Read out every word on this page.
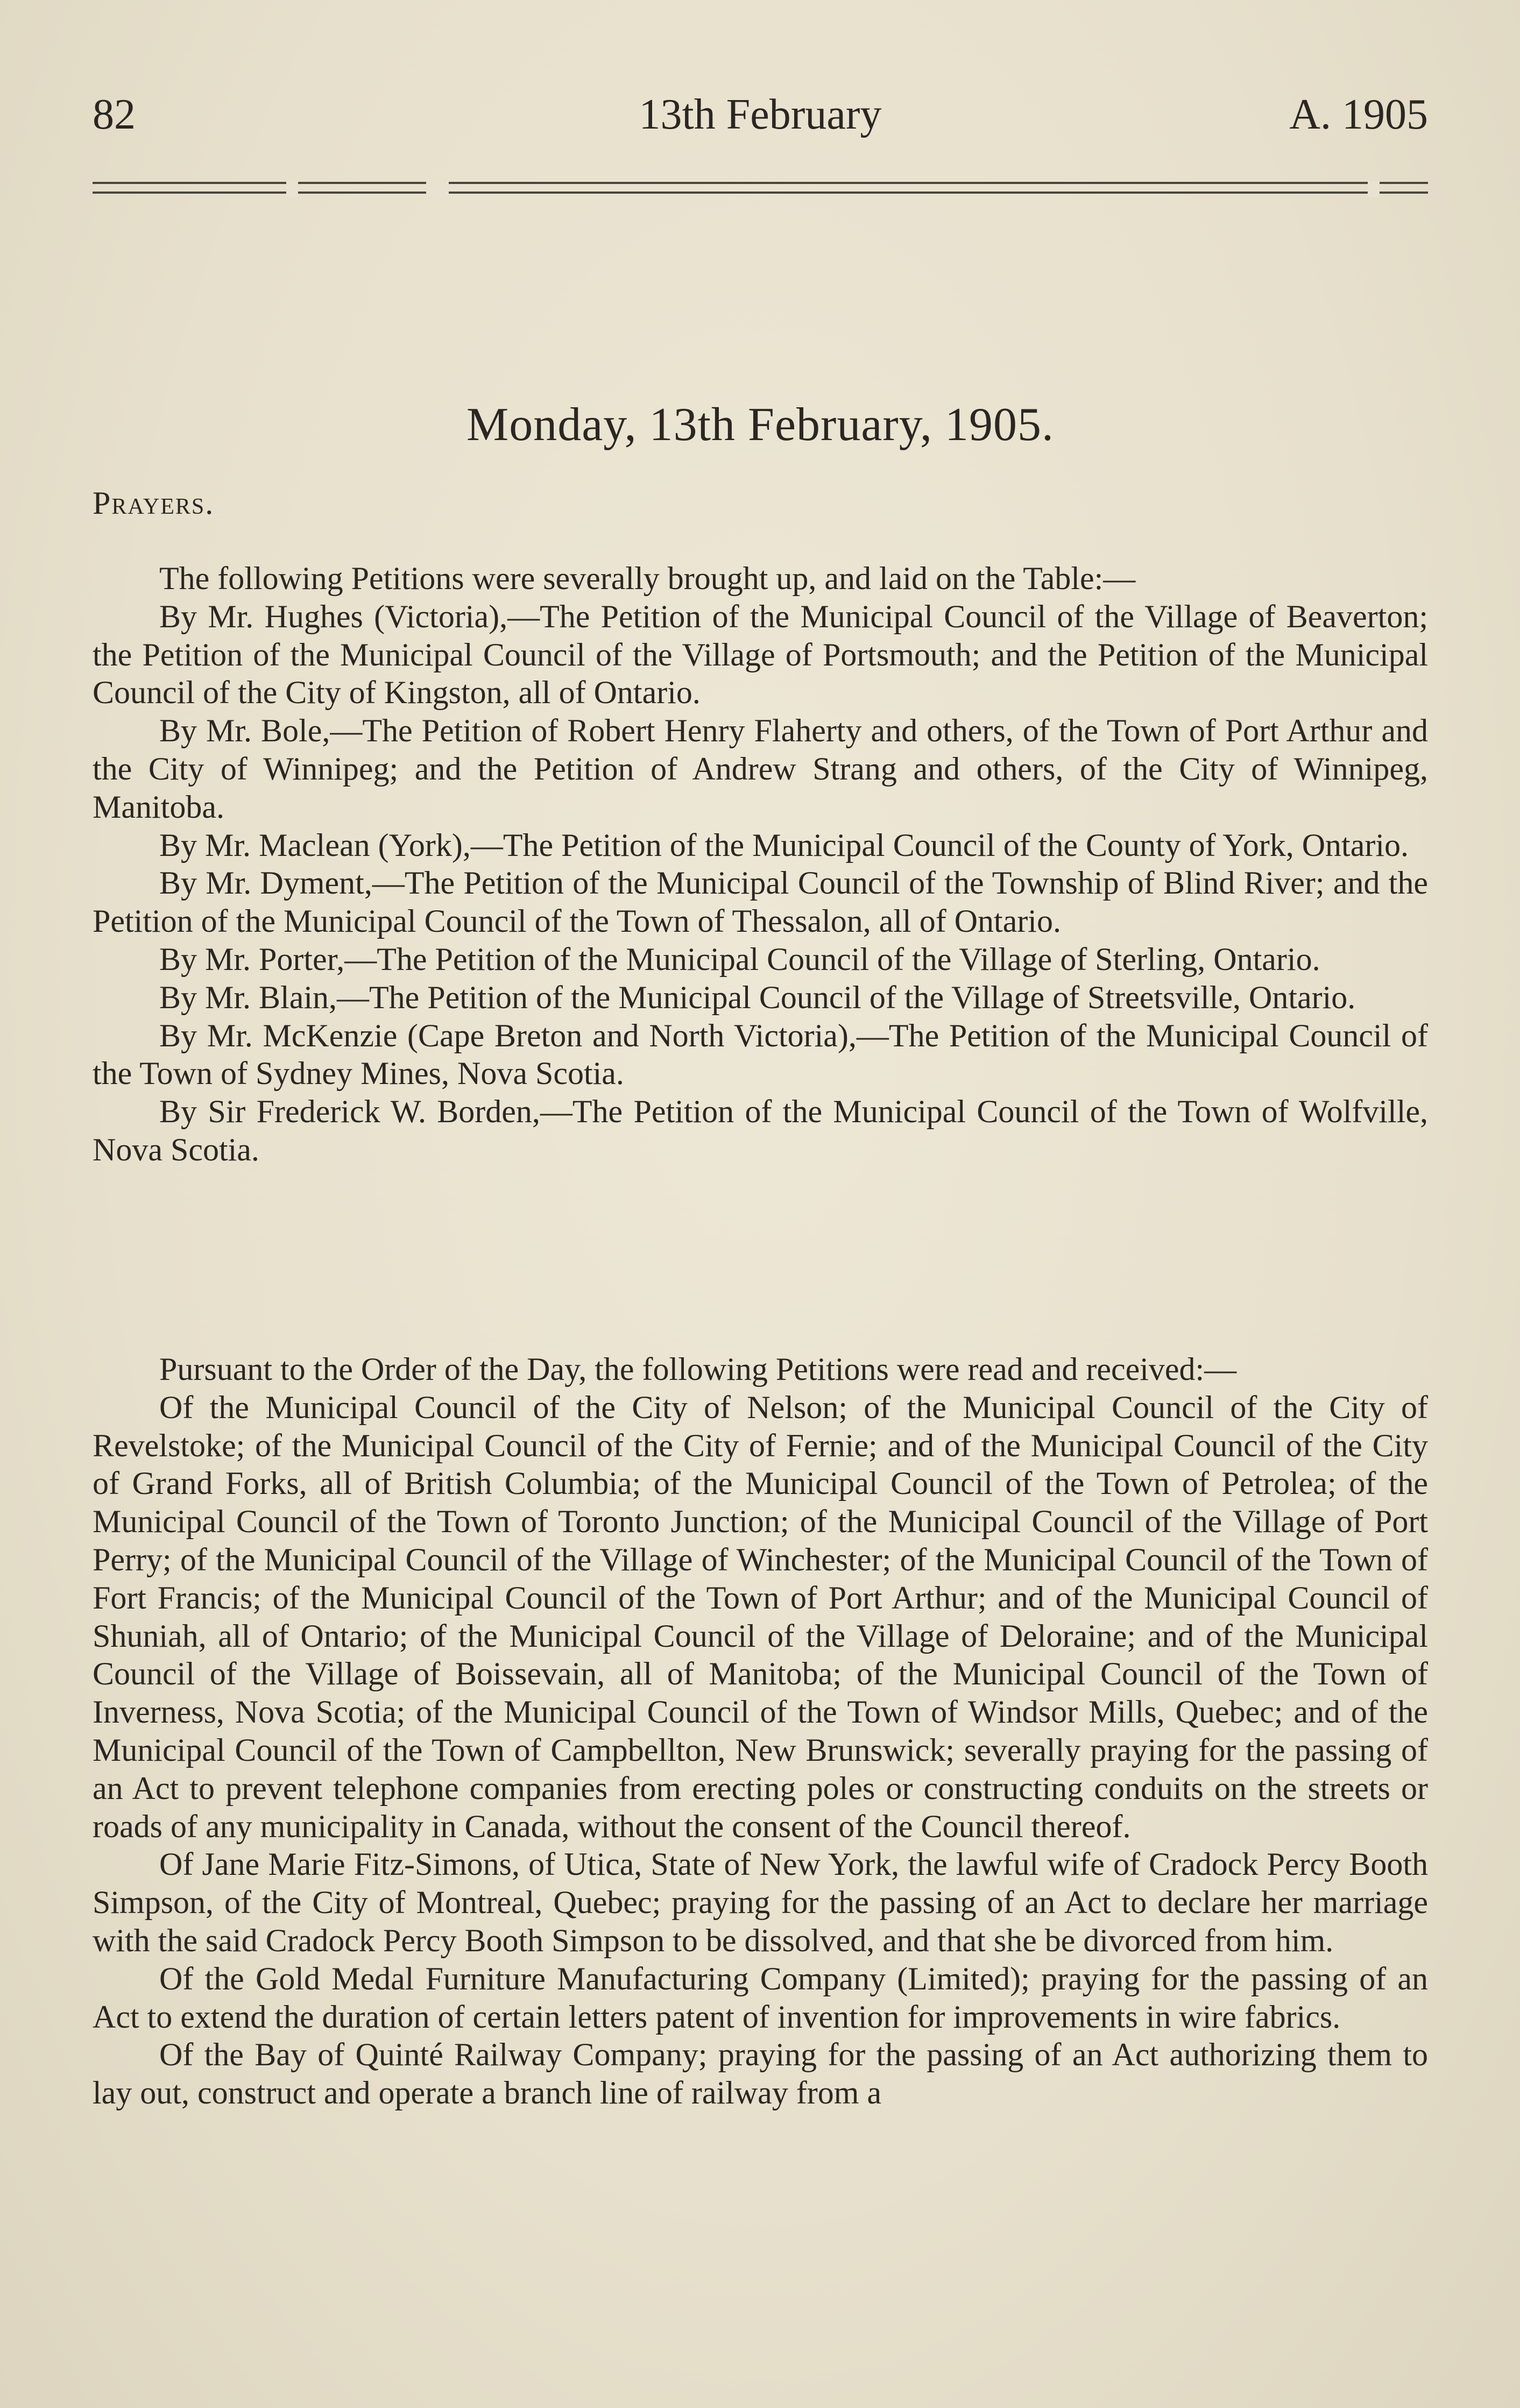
82	13th February	A. 1905
Monday, 13th February, 1905.
Prayers.

The following Petitions were severally brought up, and laid on the Table:—

By Mr. Hughes (Victoria),—The Petition of the Municipal Council of the Village of Beaverton; the Petition of the Municipal Council of the Village of Portsmouth; and the Petition of the Municipal Council of the City of Kingston, all of Ontario.

By Mr. Bole,—The Petition of Robert Henry Flaherty and others, of the Town of Port Arthur and the City of Winnipeg; and the Petition of Andrew Strang and others, of the City of Winnipeg, Manitoba.

By Mr. Maclean (York),—The Petition of the Municipal Council of the County of York, Ontario.

By Mr. Dyment,—The Petition of the Municipal Council of the Township of Blind River; and the Petition of the Municipal Council of the Town of Thessalon, all of Ontario.

By Mr. Porter,—The Petition of the Municipal Council of the Village of Sterling, Ontario.

By Mr. Blain,—The Petition of the Municipal Council of the Village of Streetsville, Ontario.

By Mr. McKenzie (Cape Breton and North Victoria),—The Petition of the Municipal Council of the Town of Sydney Mines, Nova Scotia.

By Sir Frederick W. Borden,—The Petition of the Municipal Council of the Town of Wolfville, Nova Scotia.

Pursuant to the Order of the Day, the following Petitions were read and received:—

Of the Municipal Council of the City of Nelson; of the Municipal Council of the City of Revelstoke; of the Municipal Council of the City of Fernie; and of the Municipal Council of the City of Grand Forks, all of British Columbia; of the Municipal Council of the Town of Petrolea; of the Municipal Council of the Town of Toronto Junction; of the Municipal Council of the Village of Port Perry; of the Municipal Council of the Village of Winchester; of the Municipal Council of the Town of Fort Francis; of the Municipal Council of the Town of Port Arthur; and of the Municipal Council of Shuniah, all of Ontario; of the Municipal Council of the Village of Deloraine; and of the Municipal Council of the Village of Boissevain, all of Manitoba; of the Municipal Council of the Town of Inverness, Nova Scotia; of the Municipal Council of the Town of Windsor Mills, Quebec; and of the Municipal Council of the Town of Campbellton, New Brunswick; severally praying for the passing of an Act to prevent telephone companies from erecting poles or constructing conduits on the streets or roads of any municipality in Canada, without the consent of the Council thereof.

Of Jane Marie Fitz-Simons, of Utica, State of New York, the lawful wife of Cradock Percy Booth Simpson, of the City of Montreal, Quebec; praying for the passing of an Act to declare her marriage with the said Cradock Percy Booth Simpson to be dissolved, and that she be divorced from him.

Of the Gold Medal Furniture Manufacturing Company (Limited); praying for the passing of an Act to extend the duration of certain letters patent of invention for improvements in wire fabrics.

Of the Bay of Quinté Railway Company; praying for the passing of an Act authorizing them to lay out, construct and operate a branch line of railway from a
